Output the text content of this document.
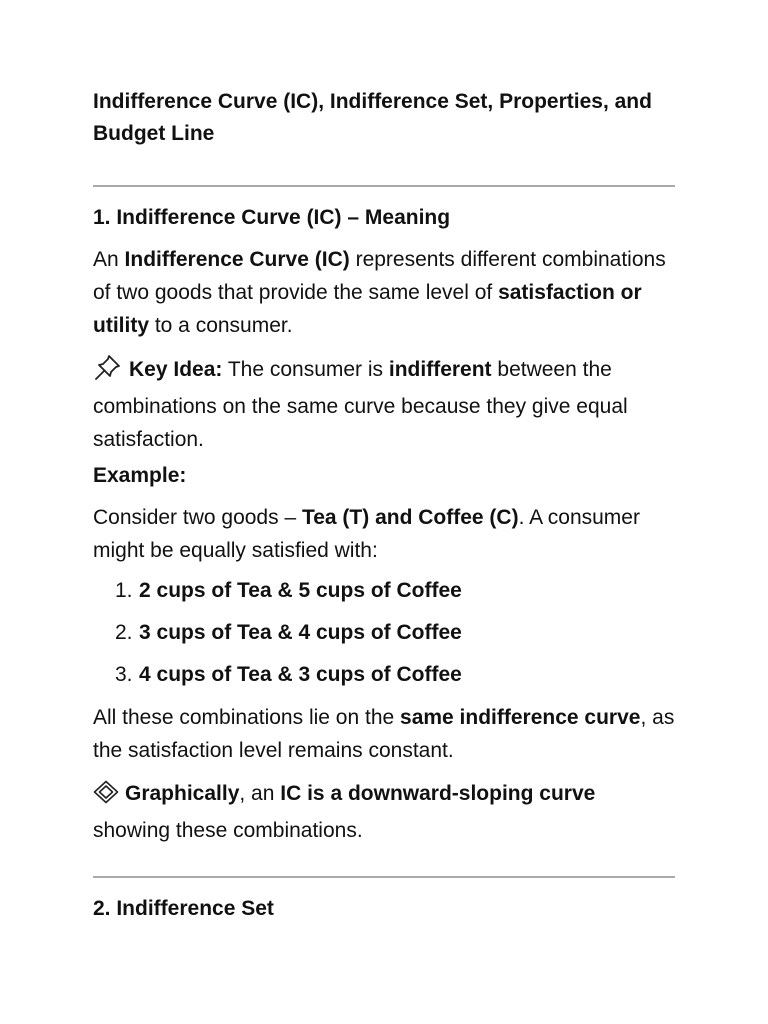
Indifference Curve (IC), Indifference Set, Properties, and Budget Line
1. Indifference Curve (IC) – Meaning
An Indifference Curve (IC) represents different combinations of two goods that provide the same level of satisfaction or utility to a consumer.
Key Idea: The consumer is indifferent between the combinations on the same curve because they give equal satisfaction.
Example:
Consider two goods – Tea (T) and Coffee (C). A consumer might be equally satisfied with:
1. 2 cups of Tea & 5 cups of Coffee
2. 3 cups of Tea & 4 cups of Coffee
3. 4 cups of Tea & 3 cups of Coffee
All these combinations lie on the same indifference curve, as the satisfaction level remains constant.
Graphically, an IC is a downward-sloping curve showing these combinations.
2. Indifference Set
